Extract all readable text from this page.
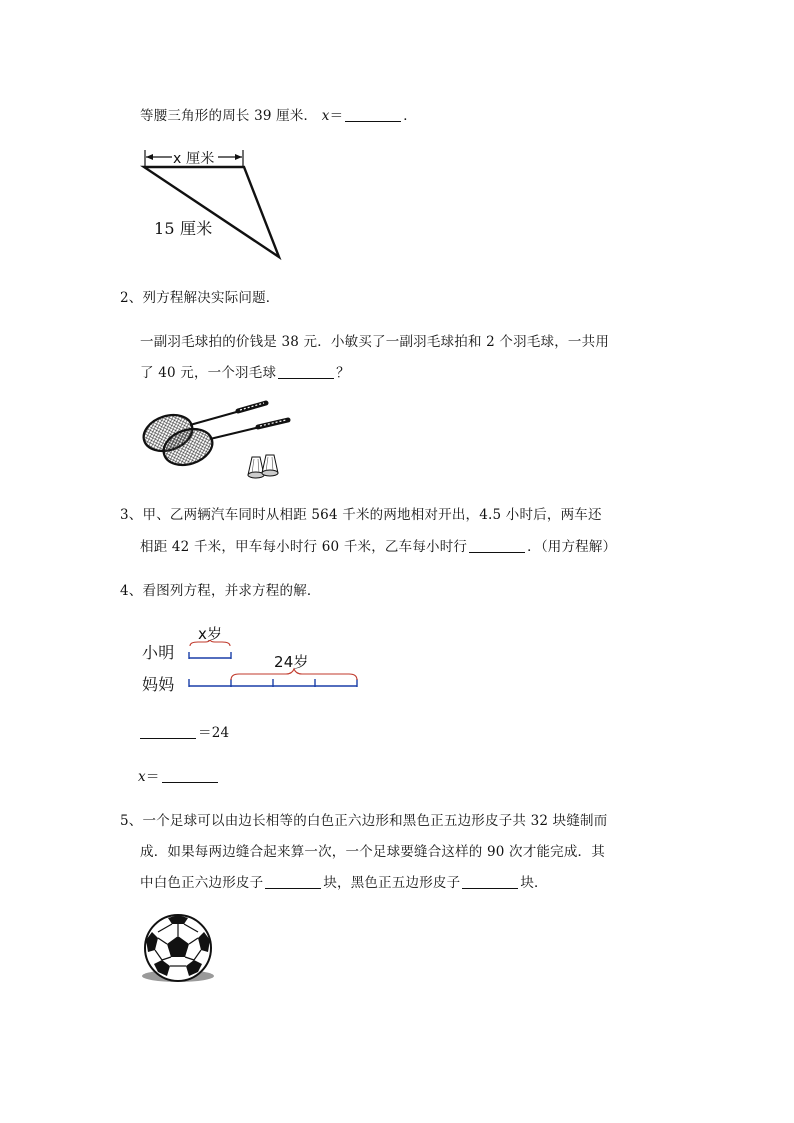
等腰三角形的周长 39 厘米． x＝	．
x 厘米
15 厘米
2、列方程解决实际问题．
一副羽毛球拍的价钱是 38 元．小敏买了一副羽毛球拍和 2 个羽毛球，一共用
了 40 元，一个羽毛球	？
3、甲、乙两辆汽车同时从相距 564 千米的两地相对开出，4.5 小时后，两车还
相距 42 千米，甲车每小时行 60 千米，乙车每小时行	．（用方程解）
4、看图列方程，并求方程的解．
小明
妈妈
x岁
24岁
＝24
x＝
5、一个足球可以由边长相等的白色正六边形和黑色正五边形皮子共 32 块缝制而
成．如果每两边缝合起来算一次，一个足球要缝合这样的 90 次才能完成．其
中白色正六边形皮子	块，黑色正五边形皮子	块．
